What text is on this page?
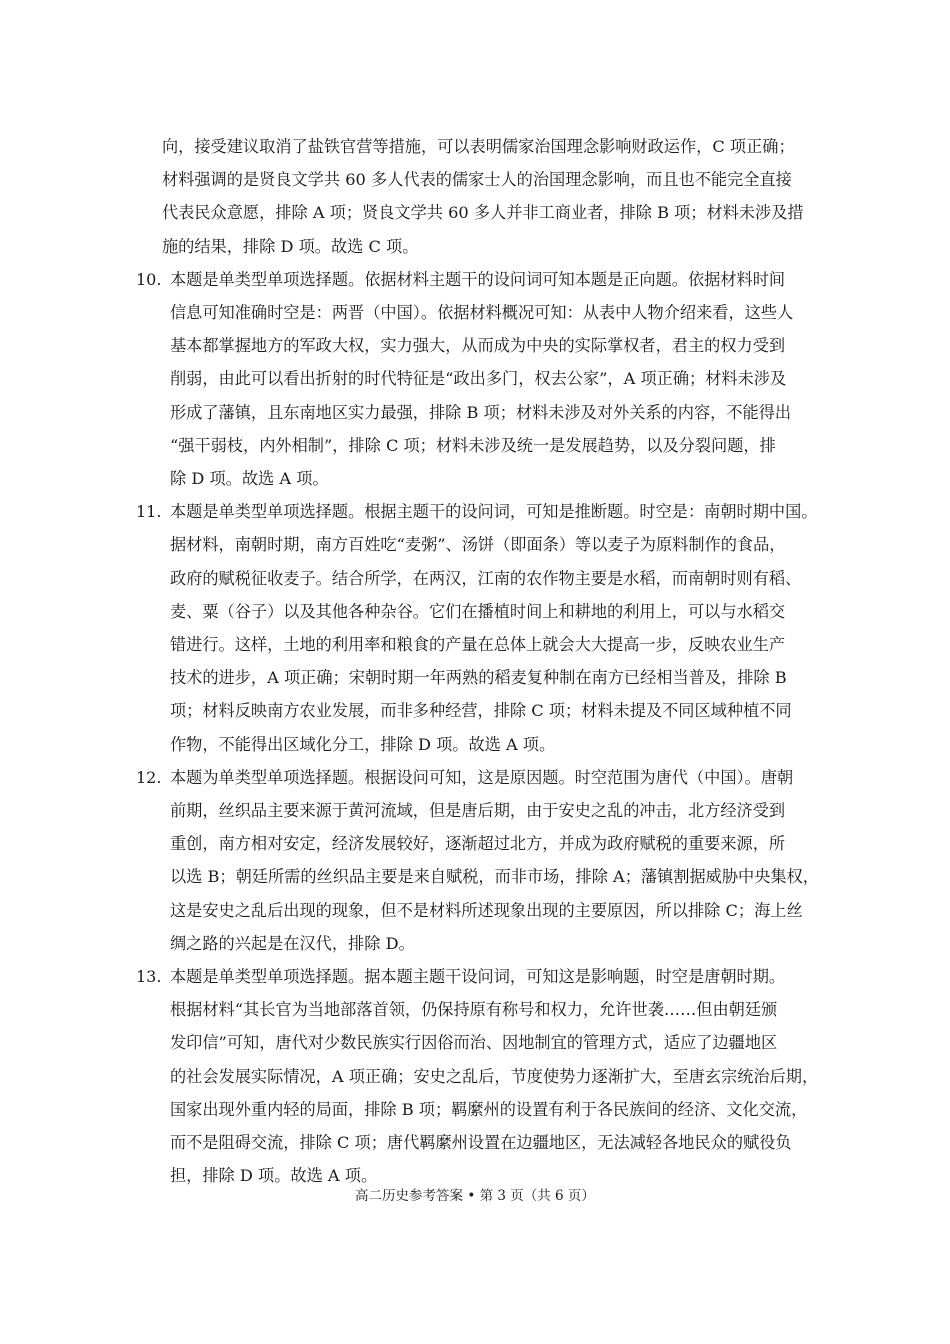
向，接受建议取消了盐铁官营等措施，可以表明儒家治国理念影响财政运作，C 项正确；

材料强调的是贤良文学共 60 多人代表的儒家士人的治国理念影响，而且也不能完全直接

代表民众意愿，排除 A 项；贤良文学共 60 多人并非工商业者，排除 B 项；材料未涉及措

施的结果，排除 D 项。故选 C 项。

10. 本题是单类型单项选择题。依据材料主题干的设问词可知本题是正向题。依据材料时间

信息可知准确时空是：两晋（中国）。依据材料概况可知：从表中人物介绍来看，这些人

基本都掌握地方的军政大权，实力强大，从而成为中央的实际掌权者，君主的权力受到

削弱，由此可以看出折射的时代特征是“政出多门，权去公家”，A 项正确；材料未涉及

形成了藩镇，且东南地区实力最强，排除 B 项；材料未涉及对外关系的内容，不能得出

“强干弱枝，内外相制”，排除 C 项；材料未涉及统一是发展趋势，以及分裂问题，排

除 D 项。故选 A 项。

11. 本题是单类型单项选择题。根据主题干的设问词，可知是推断题。时空是：南朝时期中国。

据材料，南朝时期，南方百姓吃“麦粥”、汤饼（即面条）等以麦子为原料制作的食品，

政府的赋税征收麦子。结合所学，在两汉，江南的农作物主要是水稻，而南朝时则有稻、

麦、粟（谷子）以及其他各种杂谷。它们在播植时间上和耕地的利用上，可以与水稻交

错进行。这样，土地的利用率和粮食的产量在总体上就会大大提高一步，反映农业生产

技术的进步，A 项正确；宋朝时期一年两熟的稻麦复种制在南方已经相当普及，排除 B

项；材料反映南方农业发展，而非多种经营，排除 C 项；材料未提及不同区域种植不同

作物，不能得出区域化分工，排除 D 项。故选 A 项。

12. 本题为单类型单项选择题。根据设问可知，这是原因题。时空范围为唐代（中国）。唐朝

前期，丝织品主要来源于黄河流域，但是唐后期，由于安史之乱的冲击，北方经济受到

重创，南方相对安定，经济发展较好，逐渐超过北方，并成为政府赋税的重要来源，所

以选 B；朝廷所需的丝织品主要是来自赋税，而非市场，排除 A；藩镇割据威胁中央集权，

这是安史之乱后出现的现象，但不是材料所述现象出现的主要原因，所以排除 C；海上丝

绸之路的兴起是在汉代，排除 D。

13. 本题是单类型单项选择题。据本题主题干设问词，可知这是影响题，时空是唐朝时期。

根据材料“其长官为当地部落首领，仍保持原有称号和权力，允许世袭……但由朝廷颁

发印信”可知，唐代对少数民族实行因俗而治、因地制宜的管理方式，适应了边疆地区

的社会发展实际情况，A 项正确；安史之乱后，节度使势力逐渐扩大，至唐玄宗统治后期，

国家出现外重内轻的局面，排除 B 项；羁縻州的设置有利于各民族间的经济、文化交流，

而不是阻碍交流，排除 C 项；唐代羁縻州设置在边疆地区，无法减轻各地民众的赋役负

担，排除 D 项。故选 A 项。

高二历史参考答案 • 第 3 页（共 6 页）
